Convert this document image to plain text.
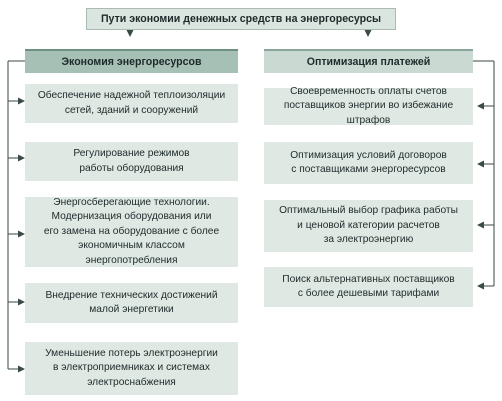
Пути экономии денежных средств на энергоресурсы
Экономия энергоресурсов	Оптимизация платежей
Обеспечение надежной теплоизоляции
сетей, зданий и сооружений
Регулирование режимов
работы оборудования
Энергосберегающие технологии.
Модернизация оборудования или
его замена на оборудование с более
экономичным классом энергопотребления
Внедрение технических достижений
малой энергетики
Уменьшение потерь электроэнергии
в электроприемниках и системах
электроснабжения
Своевременность оплаты счетов
поставщиков энергии во избежание штрафов
Оптимизация условий договоров
с поставщиками энергоресурсов
Оптимальный выбор графика работы
и ценовой категории расчетов
за электроэнергию
Поиск альтернативных поставщиков
с более дешевыми тарифами
